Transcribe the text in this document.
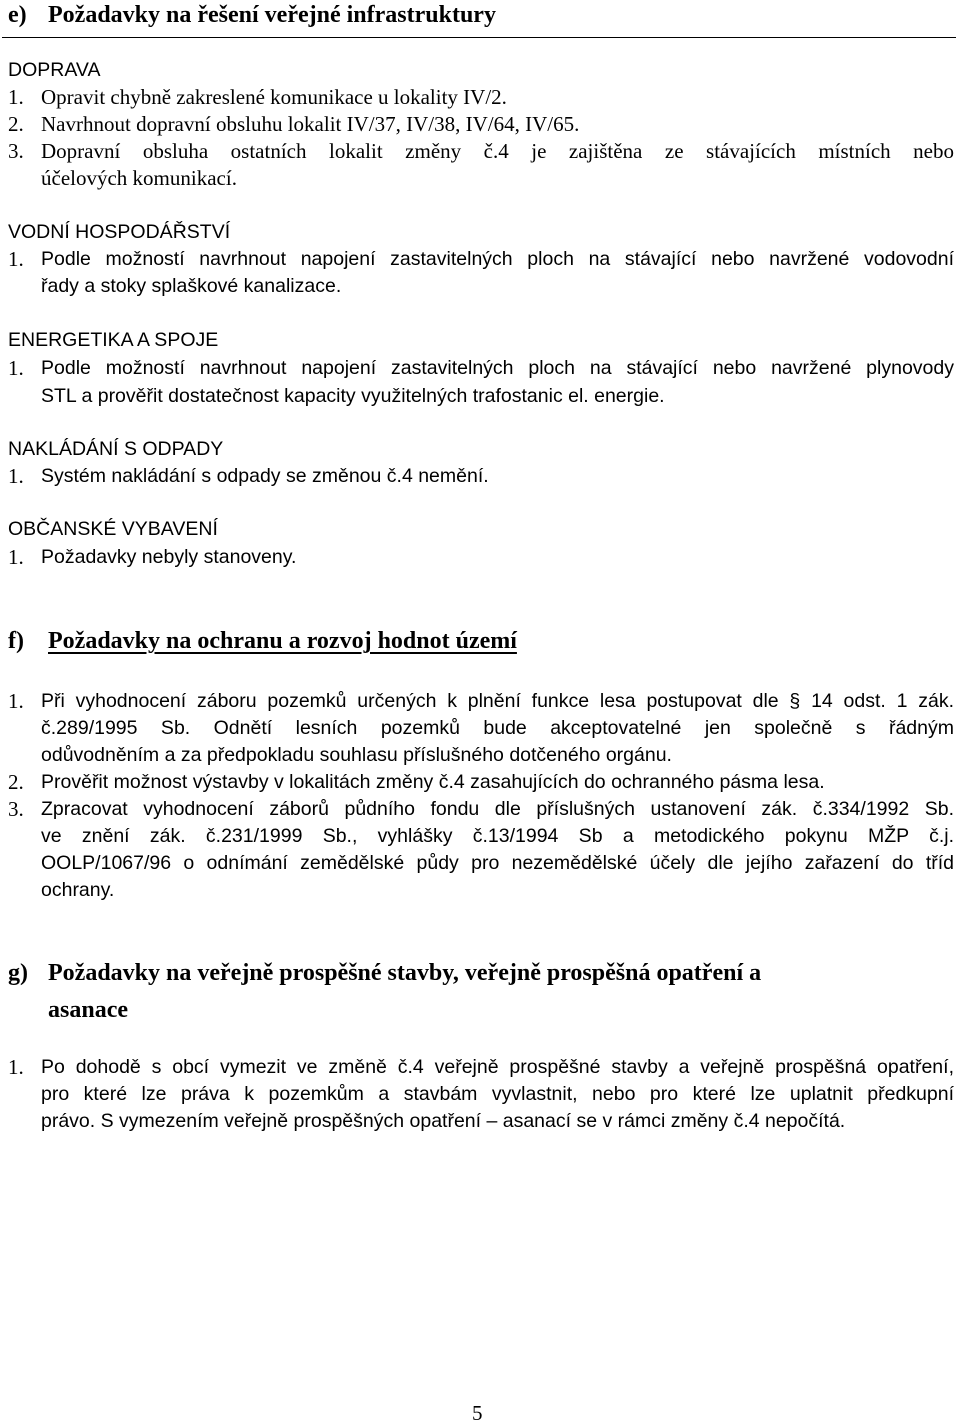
e) Požadavky na řešení veřejné infrastruktury
DOPRAVA
1. Opravit chybně zakreslené komunikace u lokality IV/2.
2. Navrhnout dopravní obsluhu lokalit IV/37, IV/38, IV/64, IV/65.
3. Dopravní obsluha ostatních lokalit změny č.4 je zajištěna ze stávajících místních nebo
účelových komunikací.
VODNÍ HOSPODÁŘSTVÍ
1. Podle možností navrhnout napojení zastavitelných ploch na stávající nebo navržené vodovodní
řady a stoky splaškové kanalizace.
ENERGETIKA A SPOJE
1. Podle možností navrhnout napojení zastavitelných ploch na stávající nebo navržené plynovody
STL a prověřit dostatečnost kapacity využitelných trafostanic el. energie.
NAKLÁDÁNÍ S ODPADY
1. Systém nakládání s odpady se změnou č.4 nemění.
OBČANSKÉ VYBAVENÍ
1. Požadavky nebyly stanoveny.
f) Požadavky na ochranu a rozvoj hodnot území
1. Při vyhodnocení záboru pozemků určených k plnění funkce lesa postupovat dle § 14 odst. 1 zák.
č.289/1995 Sb. Odnětí lesních pozemků bude akceptovatelné jen společně s řádným
odůvodněním a za předpokladu souhlasu příslušného dotčeného orgánu.
2. Prověřit možnost výstavby v lokalitách změny č.4 zasahujících do ochranného pásma lesa.
3. Zpracovat vyhodnocení záborů půdního fondu dle příslušných ustanovení zák. č.334/1992 Sb.
ve znění zák. č.231/1999 Sb., vyhlášky č.13/1994 Sb a metodického pokynu MŽP č.j.
OOLP/1067/96 o odnímání zemědělské půdy pro nezemědělské účely dle jejího zařazení do tříd
ochrany.
g) Požadavky na veřejně prospěšné stavby, veřejně prospěšná opatření a
asanace
1. Po dohodě s obcí vymezit ve změně č.4 veřejně prospěšné stavby a veřejně prospěšná opatření,
pro které lze práva k pozemkům a stavbám vyvlastnit, nebo pro které lze uplatnit předkupní
právo. S vymezením veřejně prospěšných opatření – asanací se v rámci změny č.4 nepočítá.
5
